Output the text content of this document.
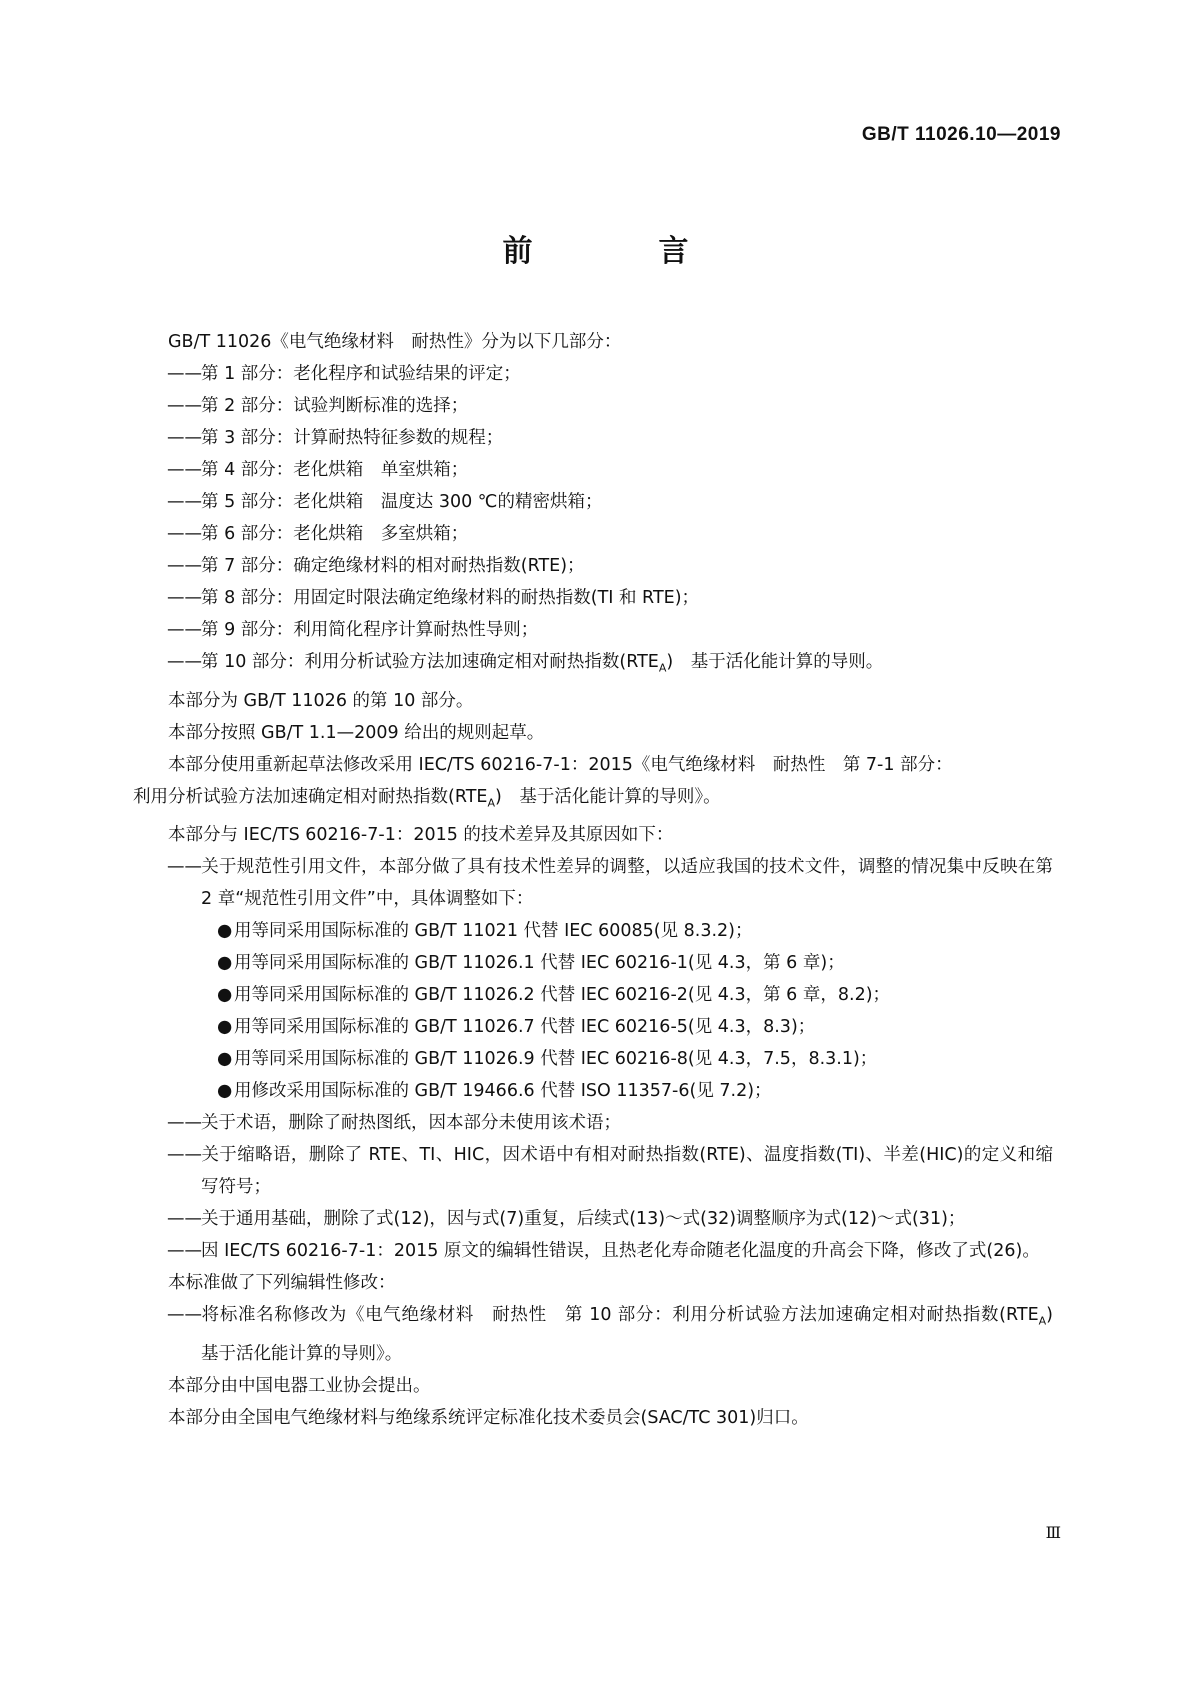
GB/T 11026.10—2019
前　言

GB/T 11026《电气绝缘材料　耐热性》分为以下几部分：

——第 1 部分：老化程序和试验结果的评定；

——第 2 部分：试验判断标准的选择；

——第 3 部分：计算耐热特征参数的规程；

——第 4 部分：老化烘箱　单室烘箱；

——第 5 部分：老化烘箱　温度达 300 ℃的精密烘箱；

——第 6 部分：老化烘箱　多室烘箱；

——第 7 部分：确定绝缘材料的相对耐热指数(RTE)；

——第 8 部分：用固定时限法确定绝缘材料的耐热指数(TI 和 RTE)；

——第 9 部分：利用简化程序计算耐热性导则；

——第 10 部分：利用分析试验方法加速确定相对耐热指数$(RTE_A)$　基于活化能计算的导则。

本部分为 GB/T 11026 的第 10 部分。

本部分按照 GB/T 1.1—2009 给出的规则起草。

本部分使用重新起草法修改采用 IEC/TS 60216-7-1：2015《电气绝缘材料　耐热性　第 7-1 部分：

利用分析试验方法加速确定相对耐热指数$(RTE_A)$　基于活化能计算的导则》。

本部分与 IEC/TS 60216-7-1：2015 的技术差异及其原因如下：

——关于规范性引用文件，本部分做了具有技术性差异的调整，以适应我国的技术文件，调整的情况集中反映在第 2 章“规范性引用文件”中，具体调整如下：

● 用等同采用国际标准的 GB/T 11021 代替 IEC 60085(见 8.3.2)；

● 用等同采用国际标准的 GB/T 11026.1 代替 IEC 60216-1(见 4.3，第 6 章)；

● 用等同采用国际标准的 GB/T 11026.2 代替 IEC 60216-2(见 4.3，第 6 章，8.2)；

● 用等同采用国际标准的 GB/T 11026.7 代替 IEC 60216-5(见 4.3，8.3)；

● 用等同采用国际标准的 GB/T 11026.9 代替 IEC 60216-8(见 4.3，7.5，8.3.1)；

● 用修改采用国际标准的 GB/T 19466.6 代替 ISO 11357-6(见 7.2)；

——关于术语，删除了耐热图纸，因本部分未使用该术语；

——关于缩略语，删除了 RTE、TI、HIC，因术语中有相对耐热指数(RTE)、温度指数(TI)、半差(HIC)的定义和缩写符号；

——关于通用基础，删除了式(12)，因与式(7)重复，后续式(13)～式(32)调整顺序为式(12)～式(31)；

——因 IEC/TS 60216-7-1：2015 原文的编辑性错误，且热老化寿命随老化温度的升高会下降，修改了式(26)。

本标准做了下列编辑性修改：

——将标准名称修改为《电气绝缘材料　耐热性　第 10 部分：利用分析试验方法加速确定相对耐热指数$(RTE_A)$　基于活化能计算的导则》。

本部分由中国电器工业协会提出。

本部分由全国电气绝缘材料与绝缘系统评定标准化技术委员会(SAC/TC 301)归口。

Ⅲ
